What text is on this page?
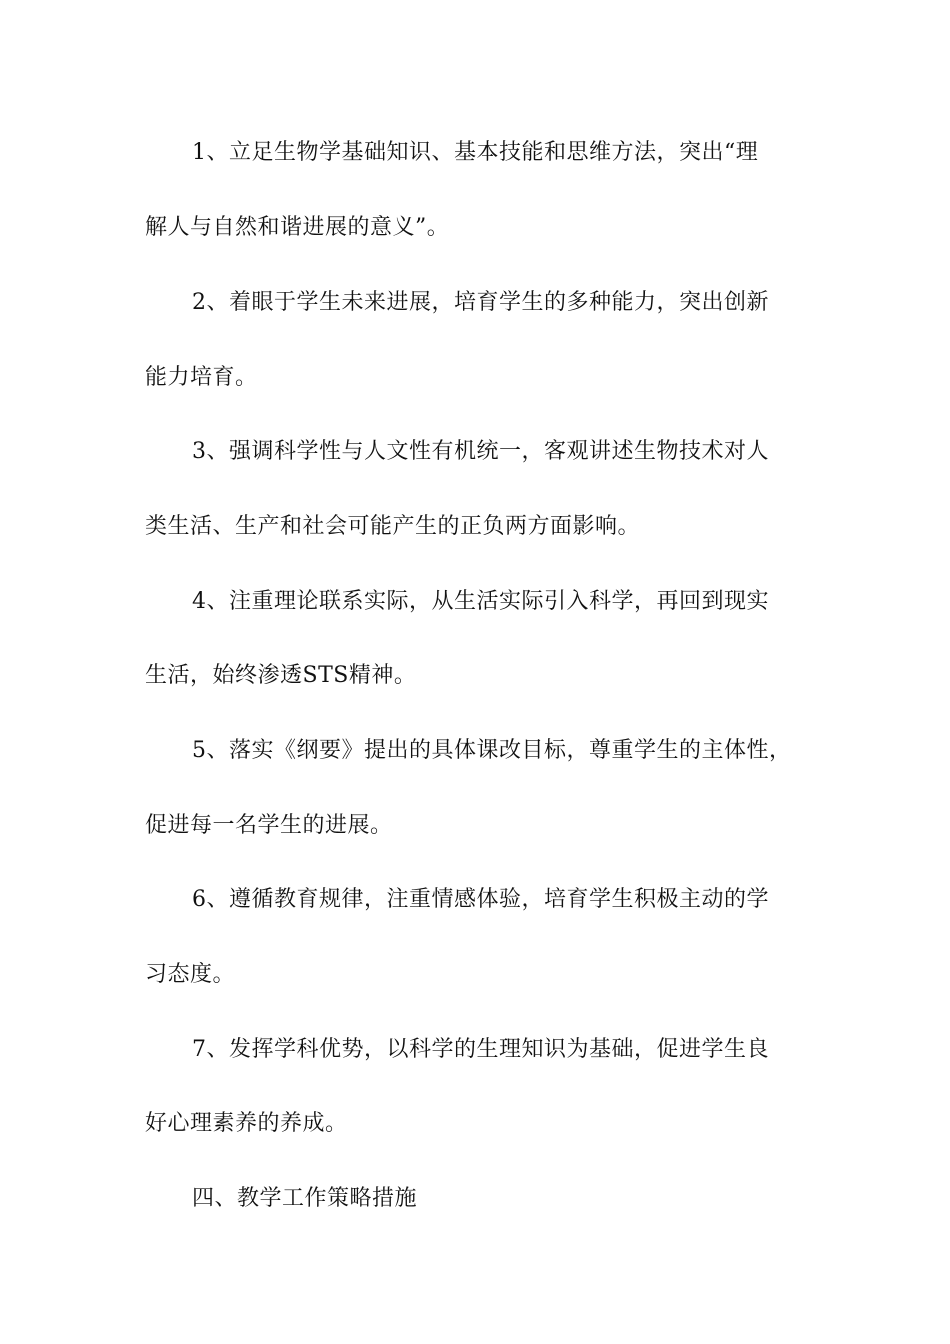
1、立足生物学基础知识、基本技能和思维方法，突出“理
解人与自然和谐进展的意义”。
2、着眼于学生未来进展，培育学生的多种能力，突出创新
能力培育。
3、强调科学性与人文性有机统一，客观讲述生物技术对人
类生活、生产和社会可能产生的正负两方面影响。
4、注重理论联系实际，从生活实际引入科学，再回到现实
生活，始终渗透STS精神。
5、落实《纲要》提出的具体课改目标，尊重学生的主体性，
促进每一名学生的进展。
6、遵循教育规律，注重情感体验，培育学生积极主动的学
习态度。
7、发挥学科优势，以科学的生理知识为基础，促进学生良
好心理素养的养成。
四、教学工作策略措施
